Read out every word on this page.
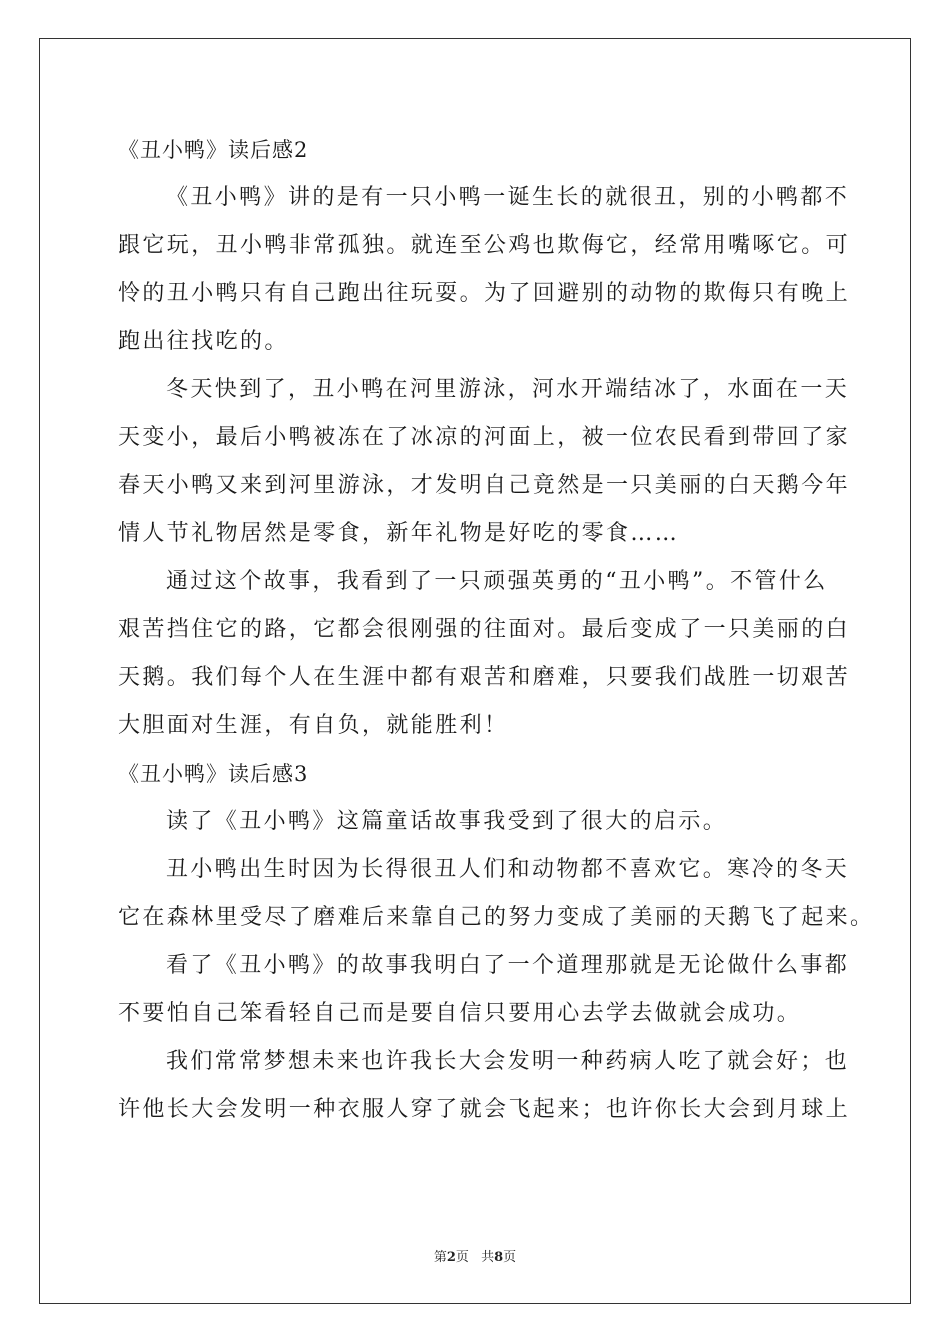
《丑小鸭》读后感2
《丑小鸭》讲的是有一只小鸭一诞生长的就很丑，别的小鸭都不
跟它玩，丑小鸭非常孤独。就连至公鸡也欺侮它，经常用嘴啄它。可
怜的丑小鸭只有自己跑出往玩耍。为了回避别的动物的欺侮只有晚上
跑出往找吃的。
冬天快到了，丑小鸭在河里游泳，河水开端结冰了，水面在一天
天变小，最后小鸭被冻在了冰凉的河面上，被一位农民看到带回了家
春天小鸭又来到河里游泳，才发明自己竟然是一只美丽的白天鹅今年
情人节礼物居然是零食，新年礼物是好吃的零食……
通过这个故事，我看到了一只顽强英勇的“丑小鸭”。不管什么
艰苦挡住它的路，它都会很刚强的往面对。最后变成了一只美丽的白
天鹅。我们每个人在生涯中都有艰苦和磨难，只要我们战胜一切艰苦
大胆面对生涯，有自负，就能胜利！
《丑小鸭》读后感3
读了《丑小鸭》这篇童话故事我受到了很大的启示。
丑小鸭出生时因为长得很丑人们和动物都不喜欢它。寒冷的冬天
它在森林里受尽了磨难后来靠自己的努力变成了美丽的天鹅飞了起来。
看了《丑小鸭》的故事我明白了一个道理那就是无论做什么事都
不要怕自己笨看轻自己而是要自信只要用心去学去做就会成功。
我们常常梦想未来也许我长大会发明一种药病人吃了就会好；也
许他长大会发明一种衣服人穿了就会飞起来；也许你长大会到月球上
第2页 共8页
